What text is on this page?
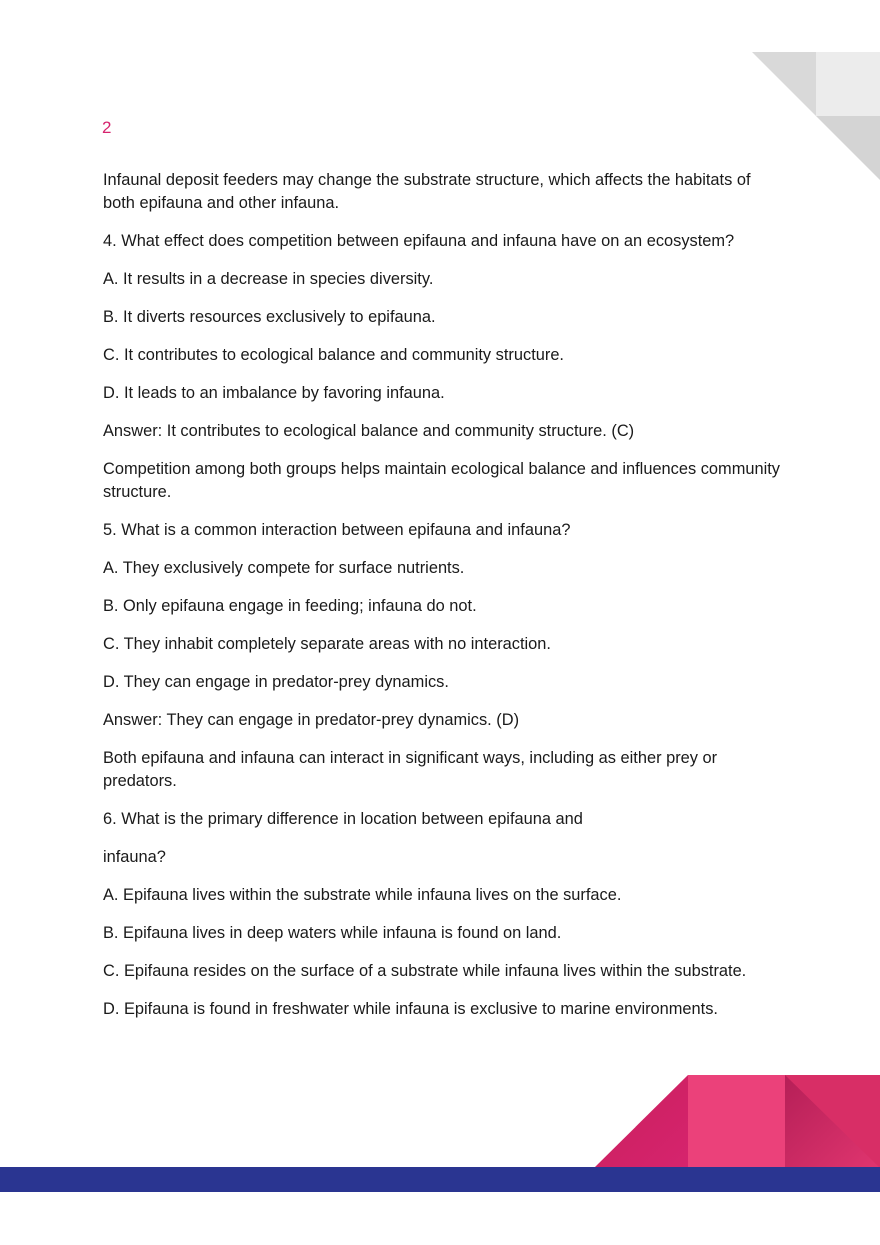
2

Infaunal deposit feeders may change the substrate structure, which affects the habitats of both epifauna and other infauna.

4. What effect does competition between epifauna and infauna have on an ecosystem?

A. It results in a decrease in species diversity.

B. It diverts resources exclusively to epifauna.

C. It contributes to ecological balance and community structure.

D. It leads to an imbalance by favoring infauna.

Answer: It contributes to ecological balance and community structure. (C)

Competition among both groups helps maintain ecological balance and influences community structure.

5. What is a common interaction between epifauna and infauna?

A. They exclusively compete for surface nutrients.

B. Only epifauna engage in feeding; infauna do not.

C. They inhabit completely separate areas with no interaction.

D. They can engage in predator-prey dynamics.

Answer: They can engage in predator-prey dynamics. (D)

Both epifauna and infauna can interact in significant ways, including as either prey or predators.

6. What is the primary difference in location between epifauna and

infauna?

A. Epifauna lives within the substrate while infauna lives on the surface.

B. Epifauna lives in deep waters while infauna is found on land.

C. Epifauna resides on the surface of a substrate while infauna lives within the substrate.

D. Epifauna is found in freshwater while infauna is exclusive to marine environments.
